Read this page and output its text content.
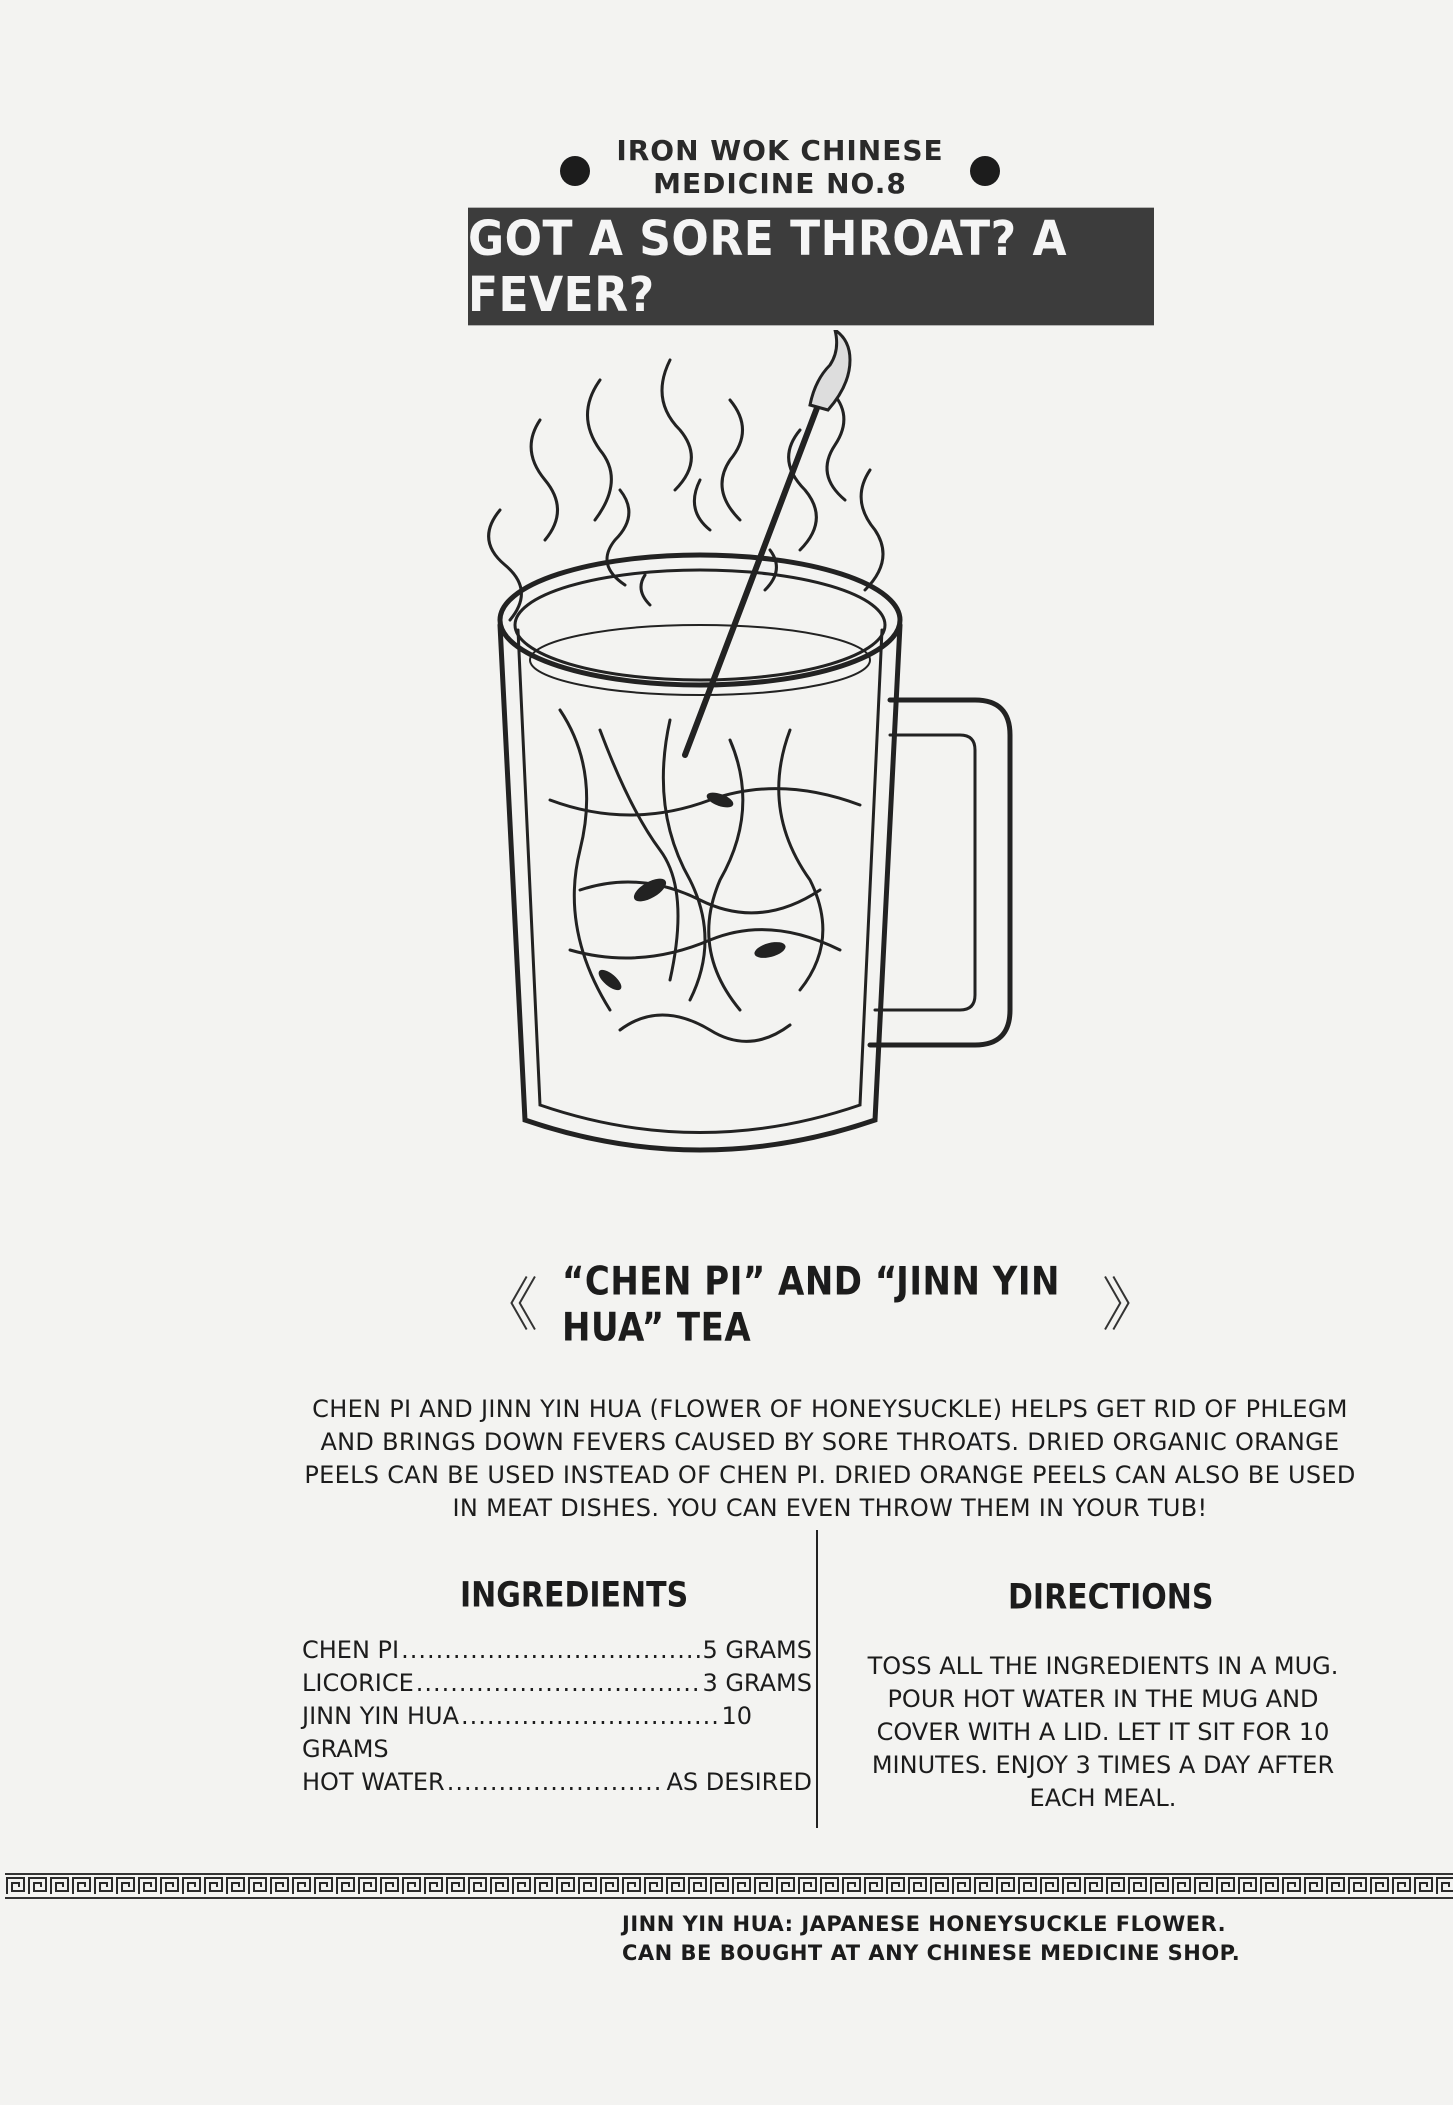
IRON WOK CHINESE
MEDICINE NO.8
GOT A SORE THROAT? A FEVER?
《 “CHEN PI” AND “JINN YIN HUA” TEA	》
CHEN PI AND JINN YIN HUA (FLOWER OF HONEYSUCKLE) HELPS GET RID OF PHLEGM
AND BRINGS DOWN FEVERS CAUSED BY SORE THROATS. DRIED ORGANIC ORANGE
PEELS CAN BE USED INSTEAD OF CHEN PI. DRIED ORANGE PEELS CAN ALSO BE USED
IN MEAT DISHES. YOU CAN EVEN THROW THEM IN YOUR TUB!
INGREDIENTS
CHEN PI .....	5 GRAMS
LICORICE .....	3 GRAMS
JINN YIN HUA .....	10
GRAMS
HOT WATER .....	AS DESIRED
DIRECTIONS
TOSS ALL THE INGREDIENTS IN A MUG.
POUR HOT WATER IN THE MUG AND
COVER WITH A LID. LET IT SIT FOR 10
MINUTES. ENJOY 3 TIMES A DAY AFTER
EACH MEAL.
JINN YIN HUA: JAPANESE HONEYSUCKLE FLOWER.
CAN BE BOUGHT AT ANY CHINESE MEDICINE SHOP.
